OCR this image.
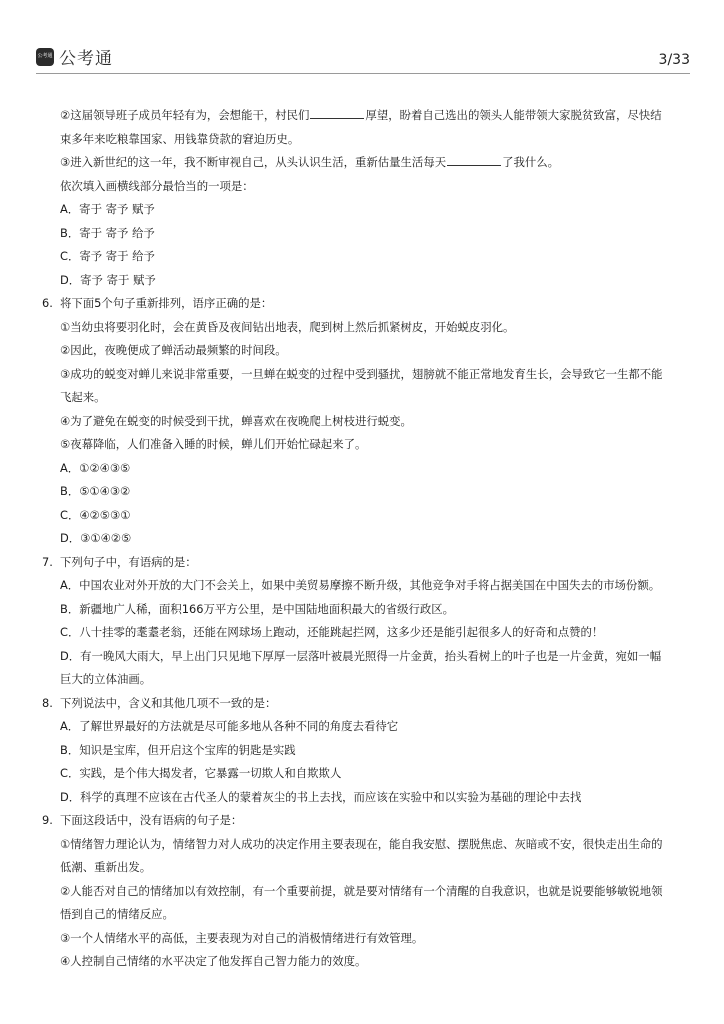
公考通 公考通	3/33
②这届领导班子成员年轻有为，会想能干，村民们	厚望，盼着自己选出的领头人能带领大家脱贫致富，尽快结
束多年来吃粮靠国家、用钱靠贷款的窘迫历史。
③进入新世纪的这一年，我不断审视自己，从头认识生活，重新估量生活每天	了我什么。
依次填入画横线部分最恰当的一项是：
A．寄于 寄予 赋予
B．寄于 寄予 给予
C．寄予 寄于 给予
D．寄予 寄于 赋予
6. 将下面5个句子重新排列，语序正确的是：
①当幼虫将要羽化时，会在黄昏及夜间钻出地表，爬到树上然后抓紧树皮，开始蜕皮羽化。
②因此，夜晚便成了蝉活动最频繁的时间段。
③成功的蜕变对蝉儿来说非常重要，一旦蝉在蜕变的过程中受到骚扰，翅膀就不能正常地发育生长，会导致它一生都不能
飞起来。
④为了避免在蜕变的时候受到干扰，蝉喜欢在夜晚爬上树枝进行蜕变。
⑤夜幕降临，人们准备入睡的时候，蝉儿们开始忙碌起来了。
A．①②④③⑤
B．⑤①④③②
C．④②⑤③①
D．③①④②⑤
7. 下列句子中，有语病的是：
A．中国农业对外开放的大门不会关上，如果中美贸易摩擦不断升级，其他竞争对手将占据美国在中国失去的市场份额。
B．新疆地广人稀，面积166万平方公里，是中国陆地面积最大的省级行政区。
C．八十挂零的耄耋老翁，还能在网球场上跑动，还能跳起拦网，这多少还是能引起很多人的好奇和点赞的！
D．有一晚风大雨大，早上出门只见地下厚厚一层落叶被晨光照得一片金黄，抬头看树上的叶子也是一片金黄，宛如一幅
巨大的立体油画。
8. 下列说法中，含义和其他几项不一致的是：
A．了解世界最好的方法就是尽可能多地从各种不同的角度去看待它
B．知识是宝库，但开启这个宝库的钥匙是实践
C．实践，是个伟大揭发者，它暴露一切欺人和自欺欺人
D．科学的真理不应该在古代圣人的蒙着灰尘的书上去找，而应该在实验中和以实验为基础的理论中去找
9. 下面这段话中，没有语病的句子是：
①情绪智力理论认为，情绪智力对人成功的决定作用主要表现在，能自我安慰、摆脱焦虑、灰暗或不安，很快走出生命的
低潮、重新出发。
②人能否对自己的情绪加以有效控制，有一个重要前提，就是要对情绪有一个清醒的自我意识，也就是说要能够敏锐地领
悟到自己的情绪反应。
③一个人情绪水平的高低，主要表现为对自己的消极情绪进行有效管理。
④人控制自己情绪的水平决定了他发挥自己智力能力的效度。
